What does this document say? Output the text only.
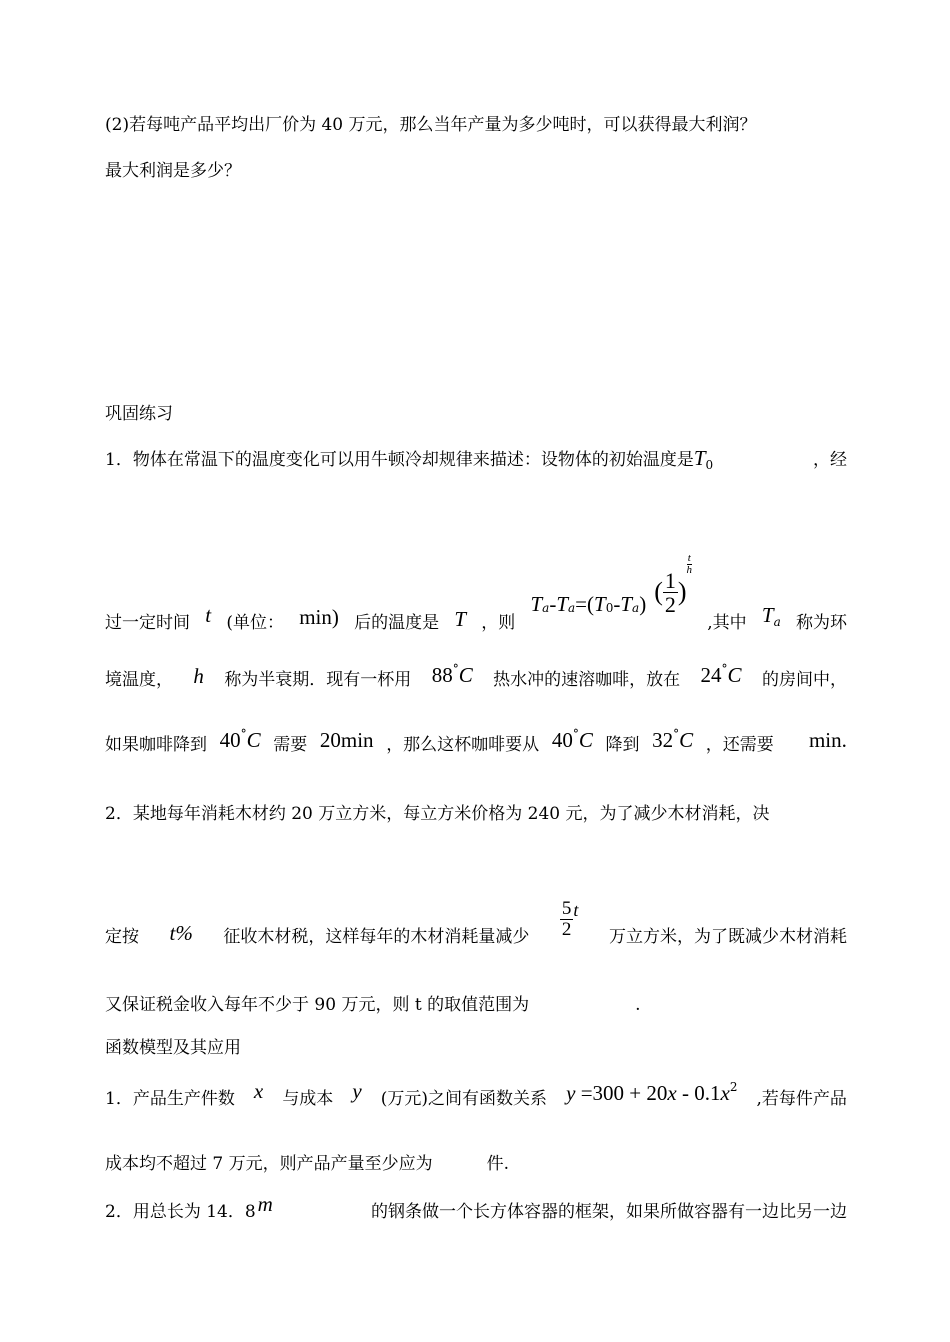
(2)若每吨产品平均出厂价为 40 万元，那么当年产量为多少吨时，可以获得最大利润？
最大利润是多少？
巩固练习
1．物体在常温下的温度变化可以用牛顿冷却规律来描述：设物体的初始温度是$T_0$	，经
过一定时间 t (单位： min) 后的温度是 T ，则
T a - T a =( T 0 - T a ) ( $\frac{1}{2}$ )
t
h
,其中 $T_a$ 称为环
境温度， h 称为半衰期．现有一杯用 88°C 热水冲的速溶咖啡，放在 24°C 的房间中，
如果咖啡降到 40°C 需要 20min ，那么这杯咖啡要从 40°C 降到 32°C ，还需要 min.
2．某地每年消耗木材约 20 万立方米，每立方米价格为 240 元，为了减少木材消耗，决
定按 t% 征收木材税，这样每年的木材消耗量减少 $\frac{5}{2}$ t
万立方米，为了既减少木材消耗
又保证税金收入每年不少于 90 万元，则 t 的取值范围为	.
函数模型及其应用
1．产品生产件数 x 与成本 y (万元)之间有函数关系 $y =300 + 20x - 0.1x^2$
,若每件产品
成本均不超过 7 万元，则产品产量至少应为	件.
2．用总长为 14．8m	的钢条做一个长方体容器的框架，如果所做容器有一边比另一边
